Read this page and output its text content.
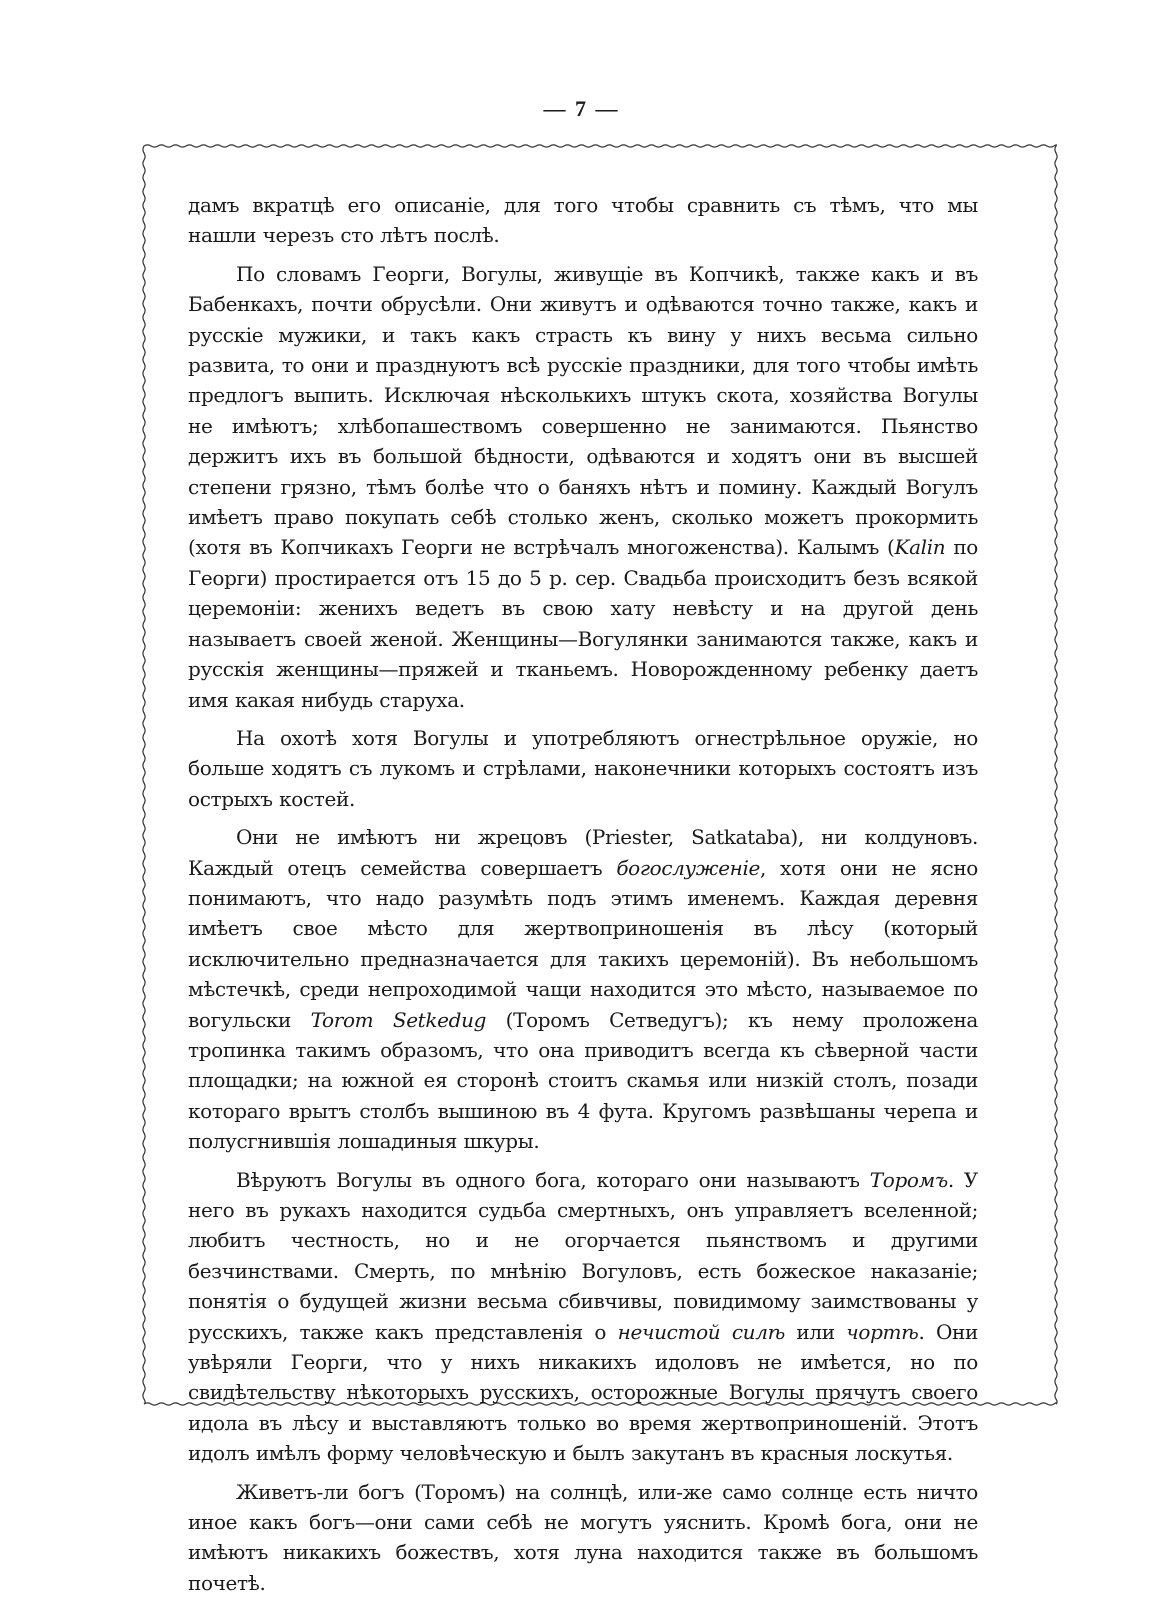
— 7 —

дамъ вкратцѣ его описаніе, для того чтобы сравнить съ тѣмъ, что мы нашли черезъ сто лѣтъ послѣ.

По словамъ Георги, Вогулы, живущіе въ Копчикѣ, также какъ и въ Бабенкахъ, почти обрусѣли. Они живутъ и одѣваются точно также, какъ и русскіе мужики, и такъ какъ страсть къ вину у нихъ весьма сильно развита, то они и празднуютъ всѣ русскіе праздники, для того чтобы имѣть предлогъ выпить. Исключая нѣсколькихъ штукъ скота, хозяйства Вогулы не имѣютъ; хлѣбопашествомъ совершенно не занимаются. Пьянство держитъ ихъ въ большой бѣдности, одѣваются и ходятъ они въ высшей степени грязно, тѣмъ болѣе что о баняхъ нѣтъ и помину. Каждый Вогулъ имѣетъ право покупать себѣ столько женъ, сколько можетъ прокормить (хотя въ Копчикахъ Георги не встрѣчалъ многоженства). Калымъ (Kalin по Георги) простирается отъ 15 до 5 р. сер. Свадьба происходитъ безъ всякой церемоніи: женихъ ведетъ въ свою хату невѣсту и на другой день называетъ своей женой. Женщины—Вогулянки занимаются также, какъ и русскія женщины—пряжей и тканьемъ. Новорожденному ребенку даетъ имя какая нибудь старуха.

На охотѣ хотя Вогулы и употребляютъ огнестрѣльное оружіе, но больше ходятъ съ лукомъ и стрѣлами, наконечники которыхъ состоятъ изъ острыхъ костей.

Они не имѣютъ ни жрецовъ (Priester, Satkataba), ни колдуновъ. Каждый отецъ семейства совершаетъ богослуженіе, хотя они не ясно понимаютъ, что надо разумѣть подъ этимъ именемъ. Каждая деревня имѣетъ свое мѣсто для жертвоприношенія въ лѣсу (который исключительно предназначается для такихъ церемоній). Въ небольшомъ мѣстечкѣ, среди непроходимой чащи находится это мѣсто, называемое по вогульски Torom Setkedug (Торомъ Сетведугъ); къ нему проложена тропинка такимъ образомъ, что она приводитъ всегда къ сѣверной части площадки; на южной ея сторонѣ стоитъ скамья или низкій столъ, позади котораго врытъ столбъ вышиною въ 4 фута. Кругомъ развѣшаны черепа и полусгнившія лошадиныя шкуры.

Вѣруютъ Вогулы въ одного бога, котораго они называютъ Торомъ. У него въ рукахъ находится судьба смертныхъ, онъ управляетъ вселенной; любитъ честность, но и не огорчается пьянствомъ и другими безчинствами. Смерть, по мнѣнію Вогуловъ, есть божеское наказаніе; понятія о будущей жизни весьма сбивчивы, повидимому заимствованы у русскихъ, также какъ представленія о нечистой силѣ или чортѣ. Они увѣряли Георги, что у нихъ никакихъ идоловъ не имѣется, но по свидѣтельству нѣкоторыхъ русскихъ, осторожные Вогулы прячутъ своего идола въ лѣсу и выставляютъ только во время жертвоприношеній. Этотъ идолъ имѣлъ форму человѣческую и былъ закутанъ въ красныя лоскутья.

Живетъ-ли богъ (Торомъ) на солнцѣ, или-же само солнце есть ничто иное какъ богъ—они сами себѣ не могутъ уяснить. Кромѣ бога, они не имѣютъ никакихъ божествъ, хотя луна находится также въ большомъ почетѣ.
